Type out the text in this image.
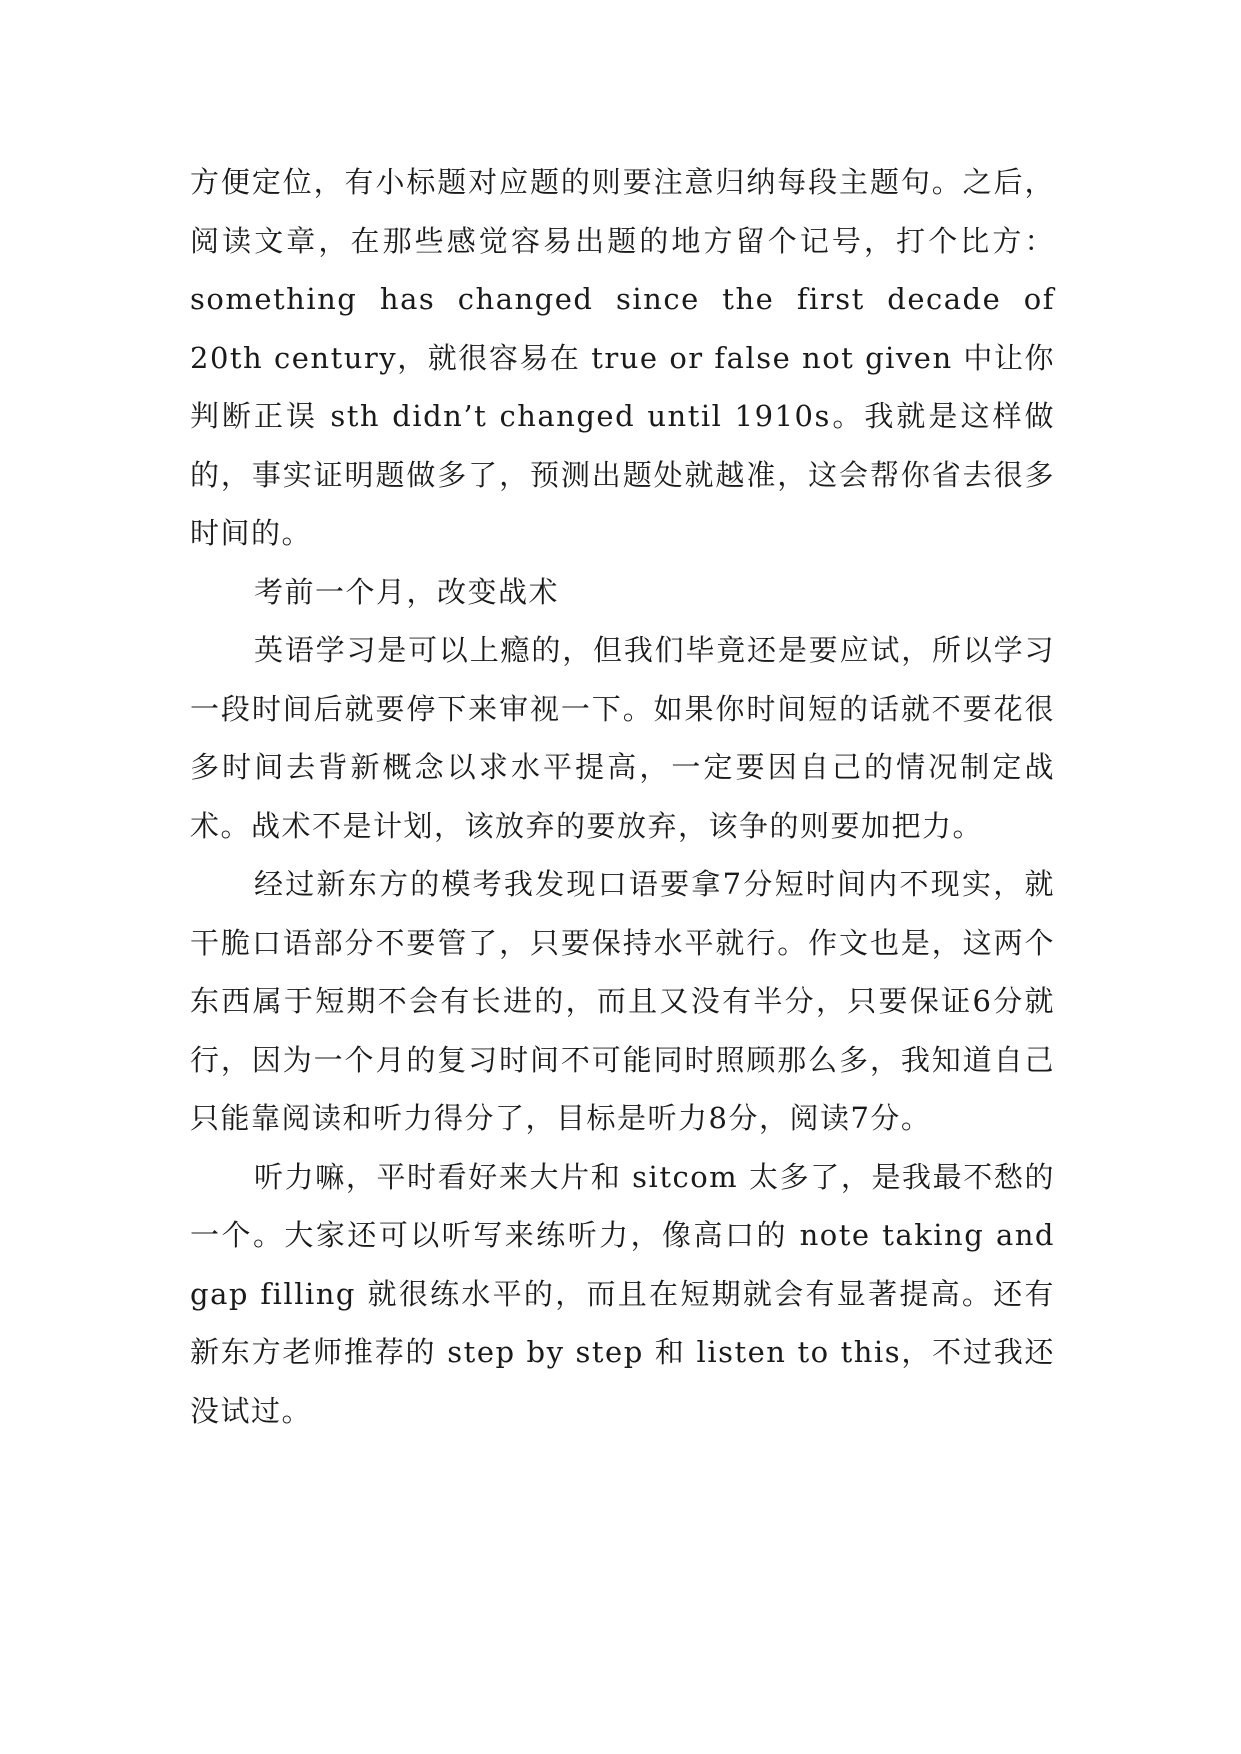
方便定位，有小标题对应题的则要注意归纳每段主题句。之后，阅读文章，在那些感觉容易出题的地方留个记号，打个比方：something has changed since the first decade of 20th century，就很容易在 true or false not given 中让你判断正误 sth didn’t changed until 1910s。我就是这样做的，事实证明题做多了，预测出题处就越准，这会帮你省去很多时间的。

考前一个月，改变战术

英语学习是可以上瘾的，但我们毕竟还是要应试，所以学习一段时间后就要停下来审视一下。如果你时间短的话就不要花很多时间去背新概念以求水平提高，一定要因自己的情况制定战术。战术不是计划，该放弃的要放弃，该争的则要加把力。

经过新东方的模考我发现口语要拿7分短时间内不现实，就干脆口语部分不要管了，只要保持水平就行。作文也是，这两个东西属于短期不会有长进的，而且又没有半分，只要保证6分就行，因为一个月的复习时间不可能同时照顾那么多，我知道自己只能靠阅读和听力得分了，目标是听力8分，阅读7分。

听力嘛，平时看好来大片和 sitcom 太多了，是我最不愁的一个。大家还可以听写来练听力，像高口的 note taking and gap filling 就很练水平的，而且在短期就会有显著提高。还有新东方老师推荐的 step by step 和 listen to this，不过我还没试过。
